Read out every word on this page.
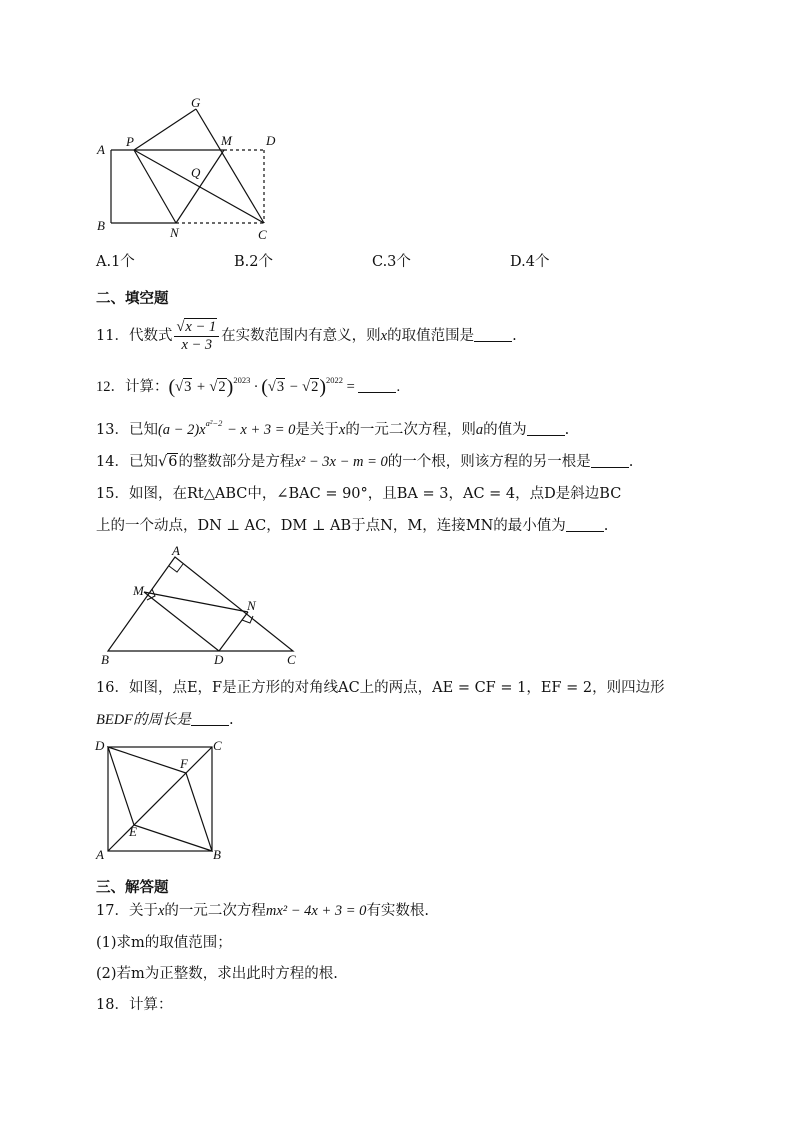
A
B
C
D
G
P	M
Q
N
A.1个	B.2个	C.3个	D.4个
二、填空题
11．代数式 $\frac{√x - 1}{x - 3}$ 在实数范围内有意义，则x的取值范围是	.
12．计算：$(√3 + √2)^{2023} \cdot (√3 - √2)^{2022}$ =	.
13．已知$(a - 2)x^{a^2-2} - x + 3 = 0$是关于x的一元二次方程，则a的值为	.
14．已知√6的整数部分是方程x² − 3x − m = 0的一个根，则该方程的另一根是	.
15．如图，在Rt△ABC中，∠BAC = 90°，且BA = 3，AC = 4，点D是斜边BC
上的一个动点，DN ⊥ AC，DM ⊥ AB于点N，M，连接MN的最小值为	.
A
M
N
B	D	C
16．如图，点E，F是正方形的对角线AC上的两点，AE = CF = 1，EF = 2，则四边形
BEDF的周长是	.
D	C
F
E
A	B
三、解答题
17．关于x的一元二次方程mx² − 4x + 3 = 0有实数根.
(1)求m的取值范围；
(2)若m为正整数，求出此时方程的根.
18．计算：
